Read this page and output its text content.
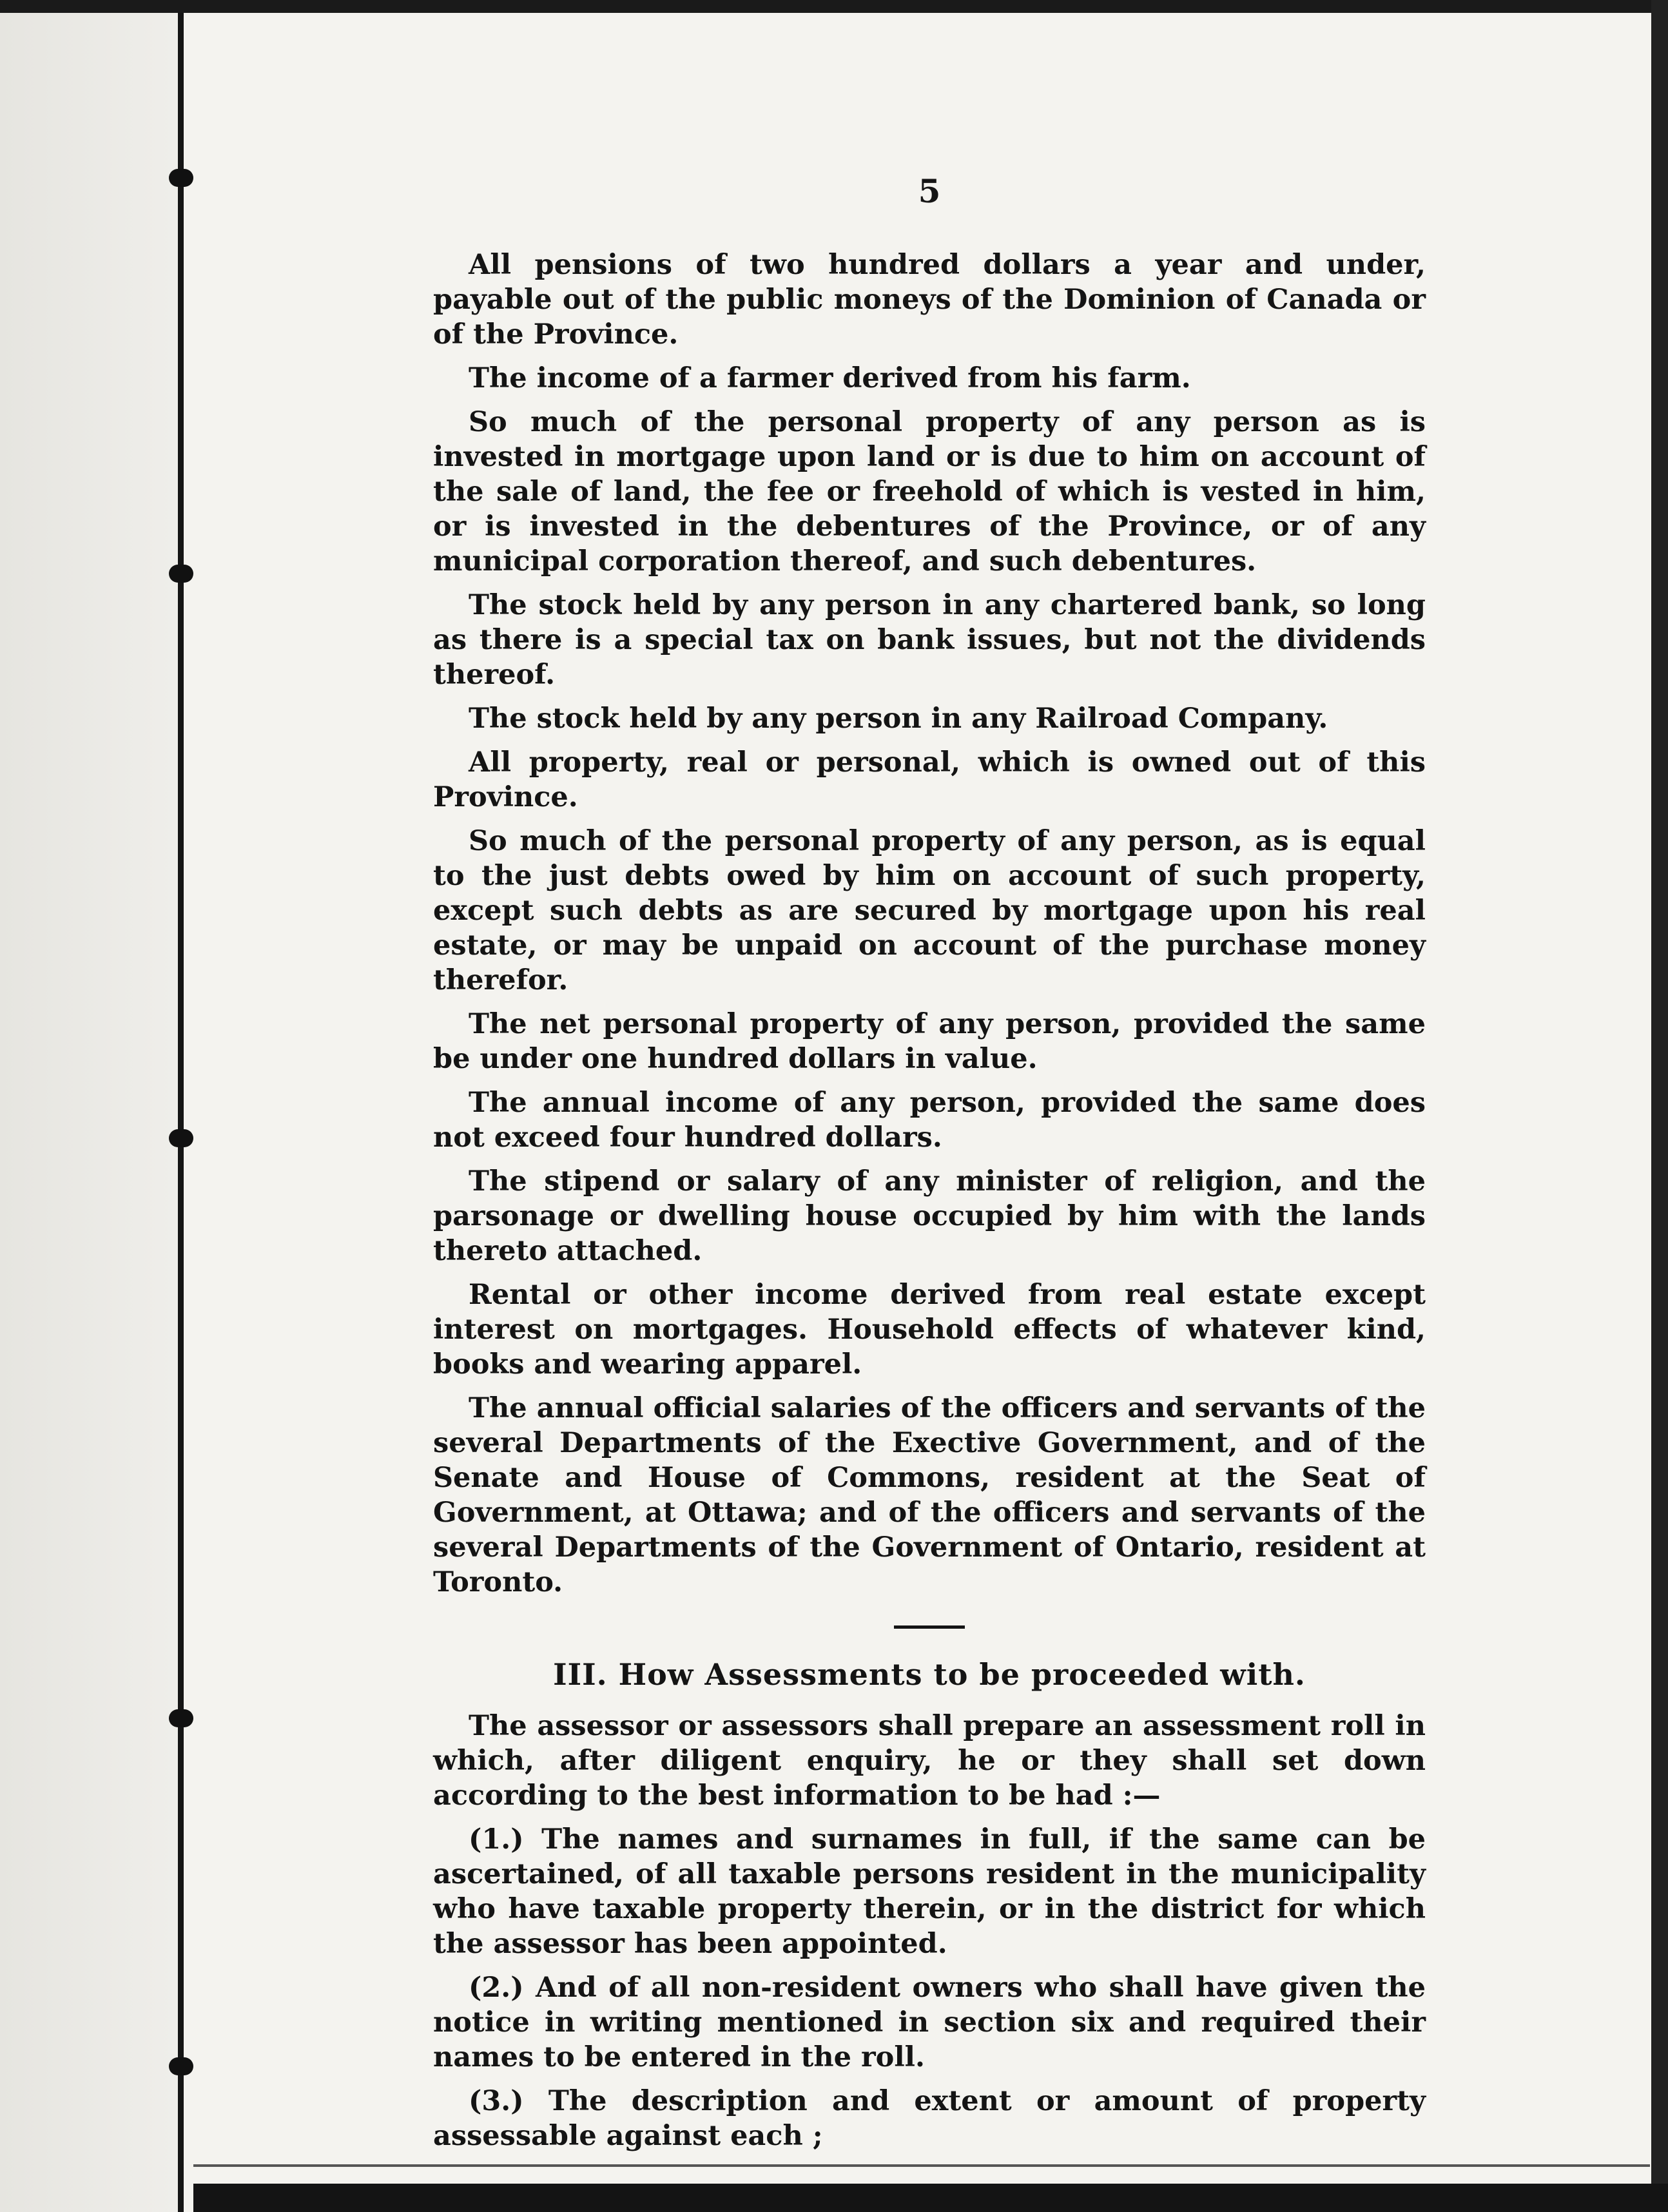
5

All pensions of two hundred dollars a year and under, payable out of the public moneys of the Dominion of Canada or of the Province.

The income of a farmer derived from his farm.

So much of the personal property of any person as is invested in mortgage upon land or is due to him on account of the sale of land, the fee or freehold of which is vested in him, or is invested in the debentures of the Province, or of any municipal corporation thereof, and such debentures.

The stock held by any person in any chartered bank, so long as there is a special tax on bank issues, but not the dividends thereof.

The stock held by any person in any Railroad Company.

All property, real or personal, which is owned out of this Province.

So much of the personal property of any person, as is equal to the just debts owed by him on account of such property, except such debts as are secured by mortgage upon his real estate, or may be unpaid on account of the purchase money therefor.

The net personal property of any person, provided the same be under one hundred dollars in value.

The annual income of any person, provided the same does not exceed four hundred dollars.

The stipend or salary of any minister of religion, and the parsonage or dwelling house occupied by him with the lands thereto attached.

Rental or other income derived from real estate except interest on mortgages. Household effects of whatever kind, books and wearing apparel.

The annual official salaries of the officers and servants of the several Departments of the Exective Government, and of the Senate and House of Commons, resident at the Seat of Government, at Ottawa; and of the officers and servants of the several Departments of the Government of Ontario, resident at Toronto.

III. How Assessments to be proceeded with.

The assessor or assessors shall prepare an assessment roll in which, after diligent enquiry, he or they shall set down according to the best information to be had :—

(1.) The names and surnames in full, if the same can be ascertained, of all taxable persons resident in the municipality who have taxable property therein, or in the district for which the assessor has been appointed.

(2.) And of all non-resident owners who shall have given the notice in writing mentioned in section six and required their names to be entered in the roll.

(3.) The description and extent or amount of property assessable against each ;
